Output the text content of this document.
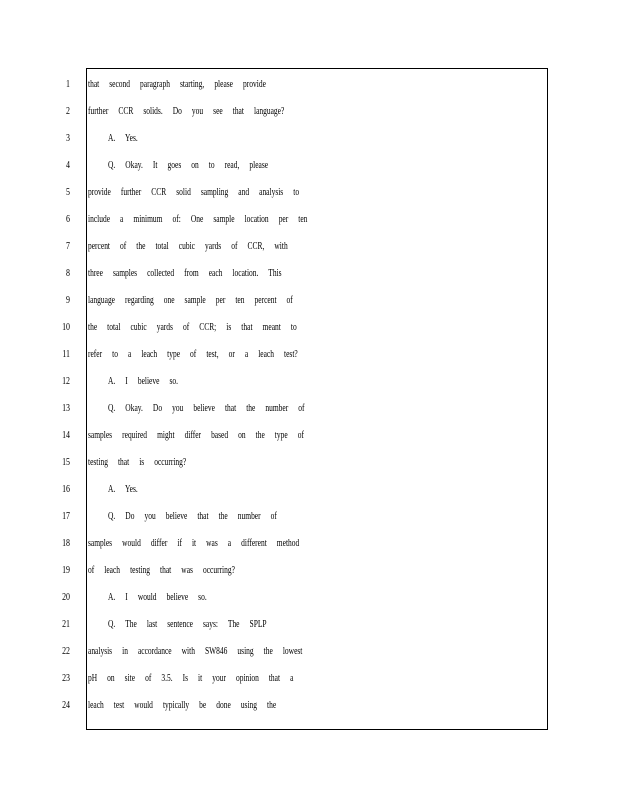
1 that second paragraph starting, please provide
2 further CCR solids. Do you see that language?
3	A. Yes.
4	Q. Okay. It goes on to read, please
5 provide further CCR solid sampling and analysis to
6 include a minimum of: One sample location per ten
7 percent of the total cubic yards of CCR, with
8 three samples collected from each location. This
9 language regarding one sample per ten percent of
10 the total cubic yards of CCR; is that meant to
11 refer to a leach type of test, or a leach test?
12	A. I believe so.
13	Q. Okay. Do you believe that the number of
14 samples required might differ based on the type of
15 testing that is occurring?
16	A. Yes.
17	Q. Do you believe that the number of
18 samples would differ if it was a different method
19 of leach testing that was occurring?
20	A. I would believe so.
21	Q. The last sentence says: The SPLP
22 analysis in accordance with SW846 using the lowest
23 pH on site of 3.5. Is it your opinion that a
24 leach test would typically be done using the
